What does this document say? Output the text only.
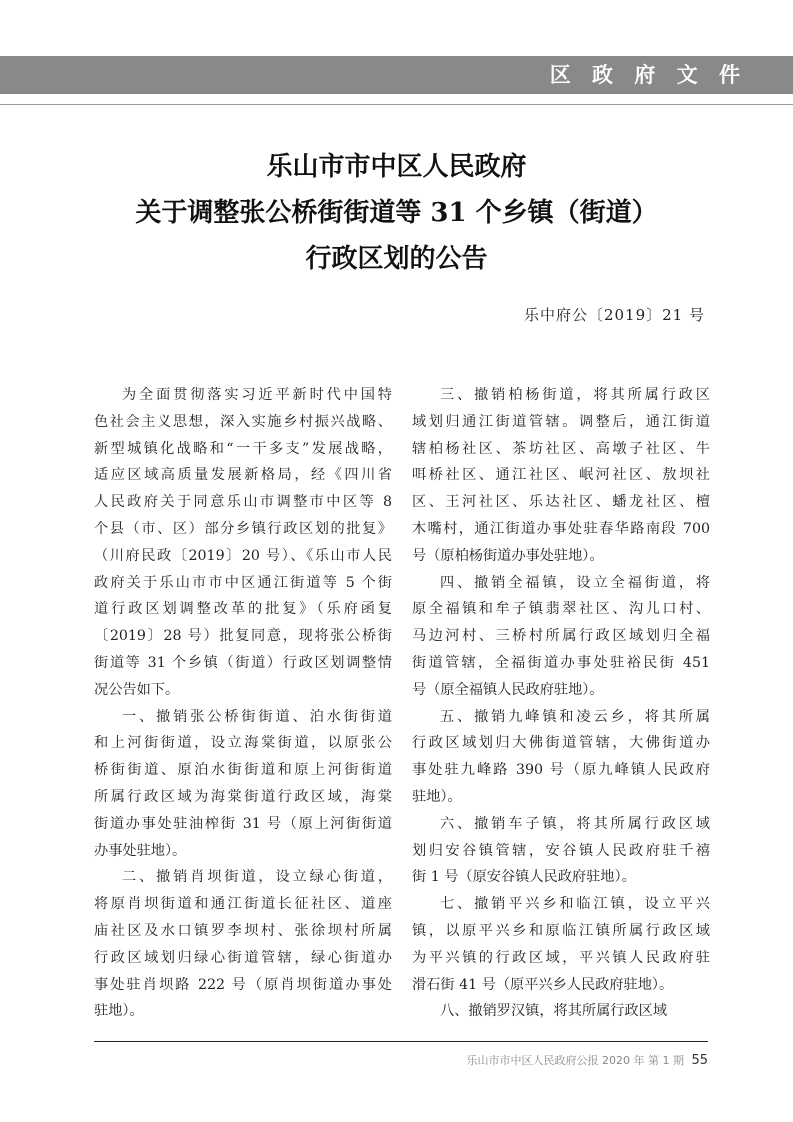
区 政 府 文 件
乐山市市中区人民政府
关于调整张公桥街街道等 31 个乡镇（街道）
行政区划的公告
乐中府公〔2019〕21 号
为全面贯彻落实习近平新时代中国特
色社会主义思想，深入实施乡村振兴战略、
新型城镇化战略和“一干多支”发展战略，
适应区域高质量发展新格局，经《四川省
人民政府关于同意乐山市调整市中区等 8
个县（市、区）部分乡镇行政区划的批复》
（川府民政〔2019〕20 号）、《乐山市人民
政府关于乐山市市中区通江街道等 5 个街
道行政区划调整改革的批复》（乐府函复
〔2019〕28 号）批复同意，现将张公桥街
街道等 31 个乡镇（街道）行政区划调整情
况公告如下。
一、撤销张公桥街街道、泊水街街道
和上河街街道，设立海棠街道，以原张公
桥街街道、原泊水街街道和原上河街街道
所属行政区域为海棠街道行政区域，海棠
街道办事处驻油榨街 31 号（原上河街街道
办事处驻地）。
二、撤销肖坝街道，设立绿心街道，
将原肖坝街道和通江街道长征社区、道座
庙社区及水口镇罗李坝村、张徐坝村所属
行政区域划归绿心街道管辖，绿心街道办
事处驻肖坝路 222 号（原肖坝街道办事处
驻地）。
三、撤销柏杨街道，将其所属行政区
域划归通江街道管辖。调整后，通江街道
辖柏杨社区、茶坊社区、高墩子社区、牛
咡桥社区、通江社区、岷河社区、敖坝社
区、王河社区、乐达社区、蟠龙社区、檀
木嘴村，通江街道办事处驻春华路南段 700
号（原柏杨街道办事处驻地）。
四、撤销全福镇，设立全福街道，将
原全福镇和牟子镇翡翠社区、沟儿口村、
马边河村、三桥村所属行政区域划归全福
街道管辖，全福街道办事处驻裕民街 451
号（原全福镇人民政府驻地）。
五、撤销九峰镇和凌云乡，将其所属
行政区域划归大佛街道管辖，大佛街道办
事处驻九峰路 390 号（原九峰镇人民政府
驻地）。
六、撤销车子镇，将其所属行政区域
划归安谷镇管辖，安谷镇人民政府驻千禧
街 1 号（原安谷镇人民政府驻地）。
七、撤销平兴乡和临江镇，设立平兴
镇，以原平兴乡和原临江镇所属行政区域
为平兴镇的行政区域，平兴镇人民政府驻
滑石街 41 号（原平兴乡人民政府驻地）。
八、撤销罗汉镇，将其所属行政区域
乐山市市中区人民政府公报 2020 年 第 1 期 55
